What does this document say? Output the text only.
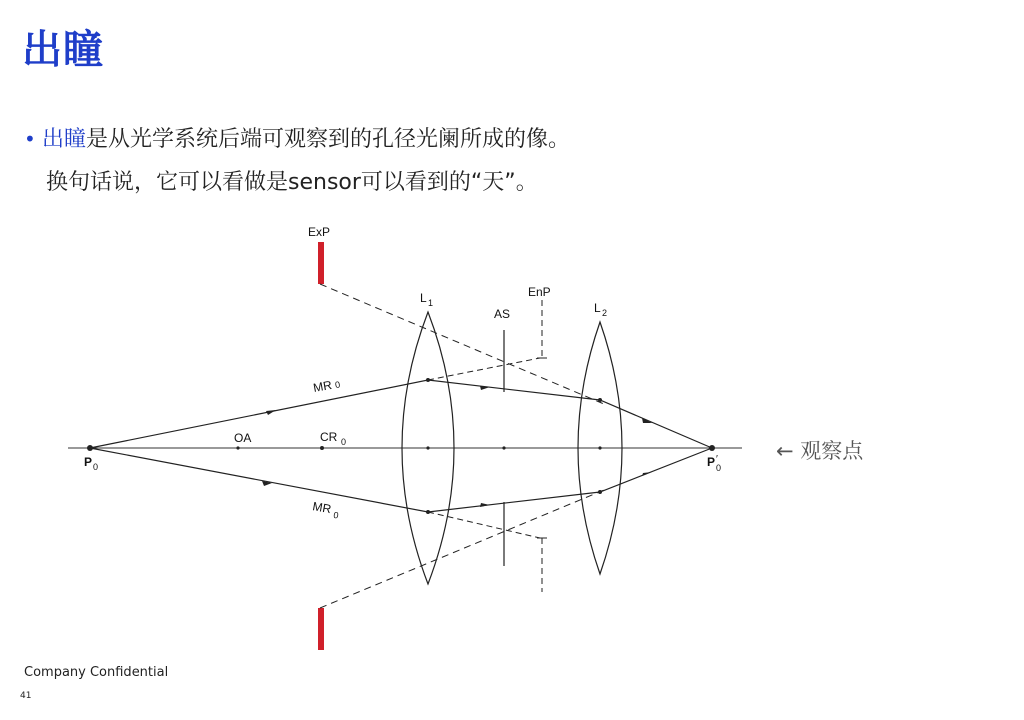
出瞳
• 出瞳是从光学系统后端可观察到的孔径光阑所成的像。
换句话说，它可以看做是sensor可以看到的“天”。
ExP
L 1
AS
EnP
L 2
MR 0
MR 0
OA	CR 0
P 0	P ′
0
← 观察点
Company Confidential
41
